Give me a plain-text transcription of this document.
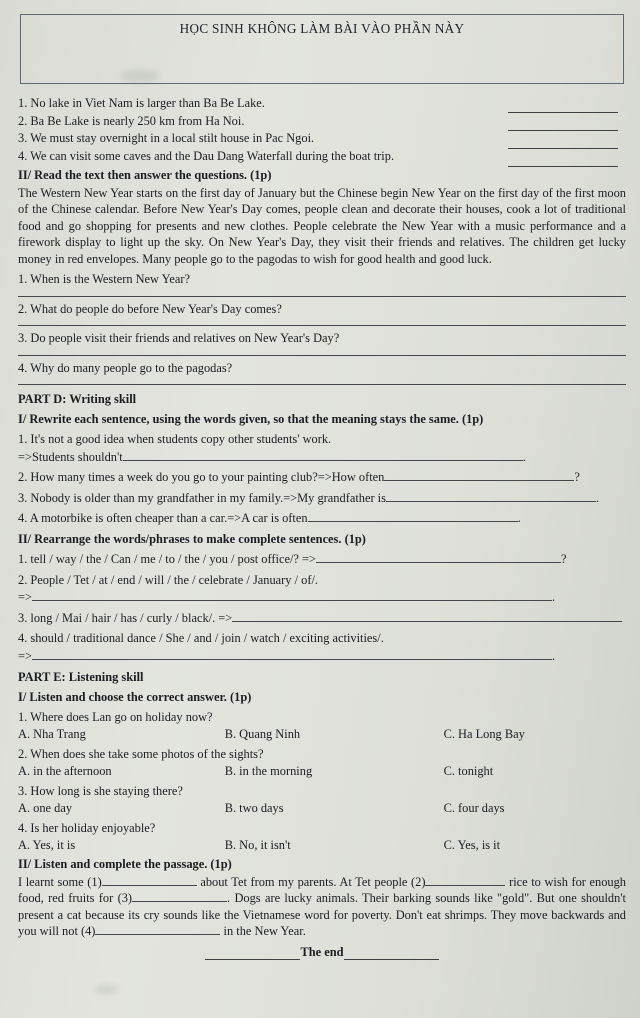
HỌC SINH KHÔNG LÀM BÀI VÀO PHẦN NÀY
1. No lake in Viet Nam is larger than Ba Be Lake.
2. Ba Be Lake is nearly 250 km from Ha Noi.
3. We must stay overnight in a local stilt house in Pac Ngoi.
4. We can visit some caves and the Dau Dang Waterfall during the boat trip.
II/ Read the text then answer the questions. (1p)
The Western New Year starts on the first day of January but the Chinese begin New Year on the first day of the first moon of the Chinese calendar. Before New Year's Day comes, people clean and decorate their houses, cook a lot of traditional food and go shopping for presents and new clothes. People celebrate the New Year with a music performance and a firework display to light up the sky. On New Year's Day, they visit their friends and relatives. The children get lucky money in red envelopes. Many people go to the pagodas to wish for good health and good luck.
1. When is the Western New Year?
2. What do people do before New Year's Day comes?
3. Do people visit their friends and relatives on New Year's Day?
4. Why do many people go to the pagodas?
PART D: Writing skill
I/ Rewrite each sentence, using the words given, so that the meaning stays the same. (1p)
1. It's not a good idea when students copy other students' work.
=>Students shouldn't	.
2. How many times a week do you go to your painting club?=>How often	?
3. Nobody is older than my grandfather in my family.=>My grandfather is	.
4. A motorbike is often cheaper than a car.=>A car is often	.
II/ Rearrange the words/phrases to make complete sentences. (1p)
1. tell / way / the / Can / me / to / the / you / post office/? =>	?
2. People / Tet / at / end / will / the / celebrate / January / of/.
=>	.
3. long / Mai / hair / has / curly / black/. =>
4. should / traditional dance / She / and / join / watch / exciting activities/.
=>	.
PART E: Listening skill
I/ Listen and choose the correct answer. (1p)
1. Where does Lan go on holiday now?
A. Nha Trang	B. Quang Ninh	C. Ha Long Bay
2. When does she take some photos of the sights?
A. in the afternoon	B. in the morning	C. tonight
3. How long is she staying there?
A. one day	B. two days	C. four days
4. Is her holiday enjoyable?
A. Yes, it is	B. No, it isn't	C. Yes, is it
II/ Listen and complete the passage. (1p)
I learnt some (1)	about Tet from my parents. At Tet people (2)	rice to wish for enough food, red fruits for (3)	. Dogs are lucky animals. Their barking sounds like "gold". But one shouldn't present a cat because its cry sounds like the Vietnamese word for poverty. Don't eat shrimps. They move backwards and you will not (4)	in the New Year.
The end
